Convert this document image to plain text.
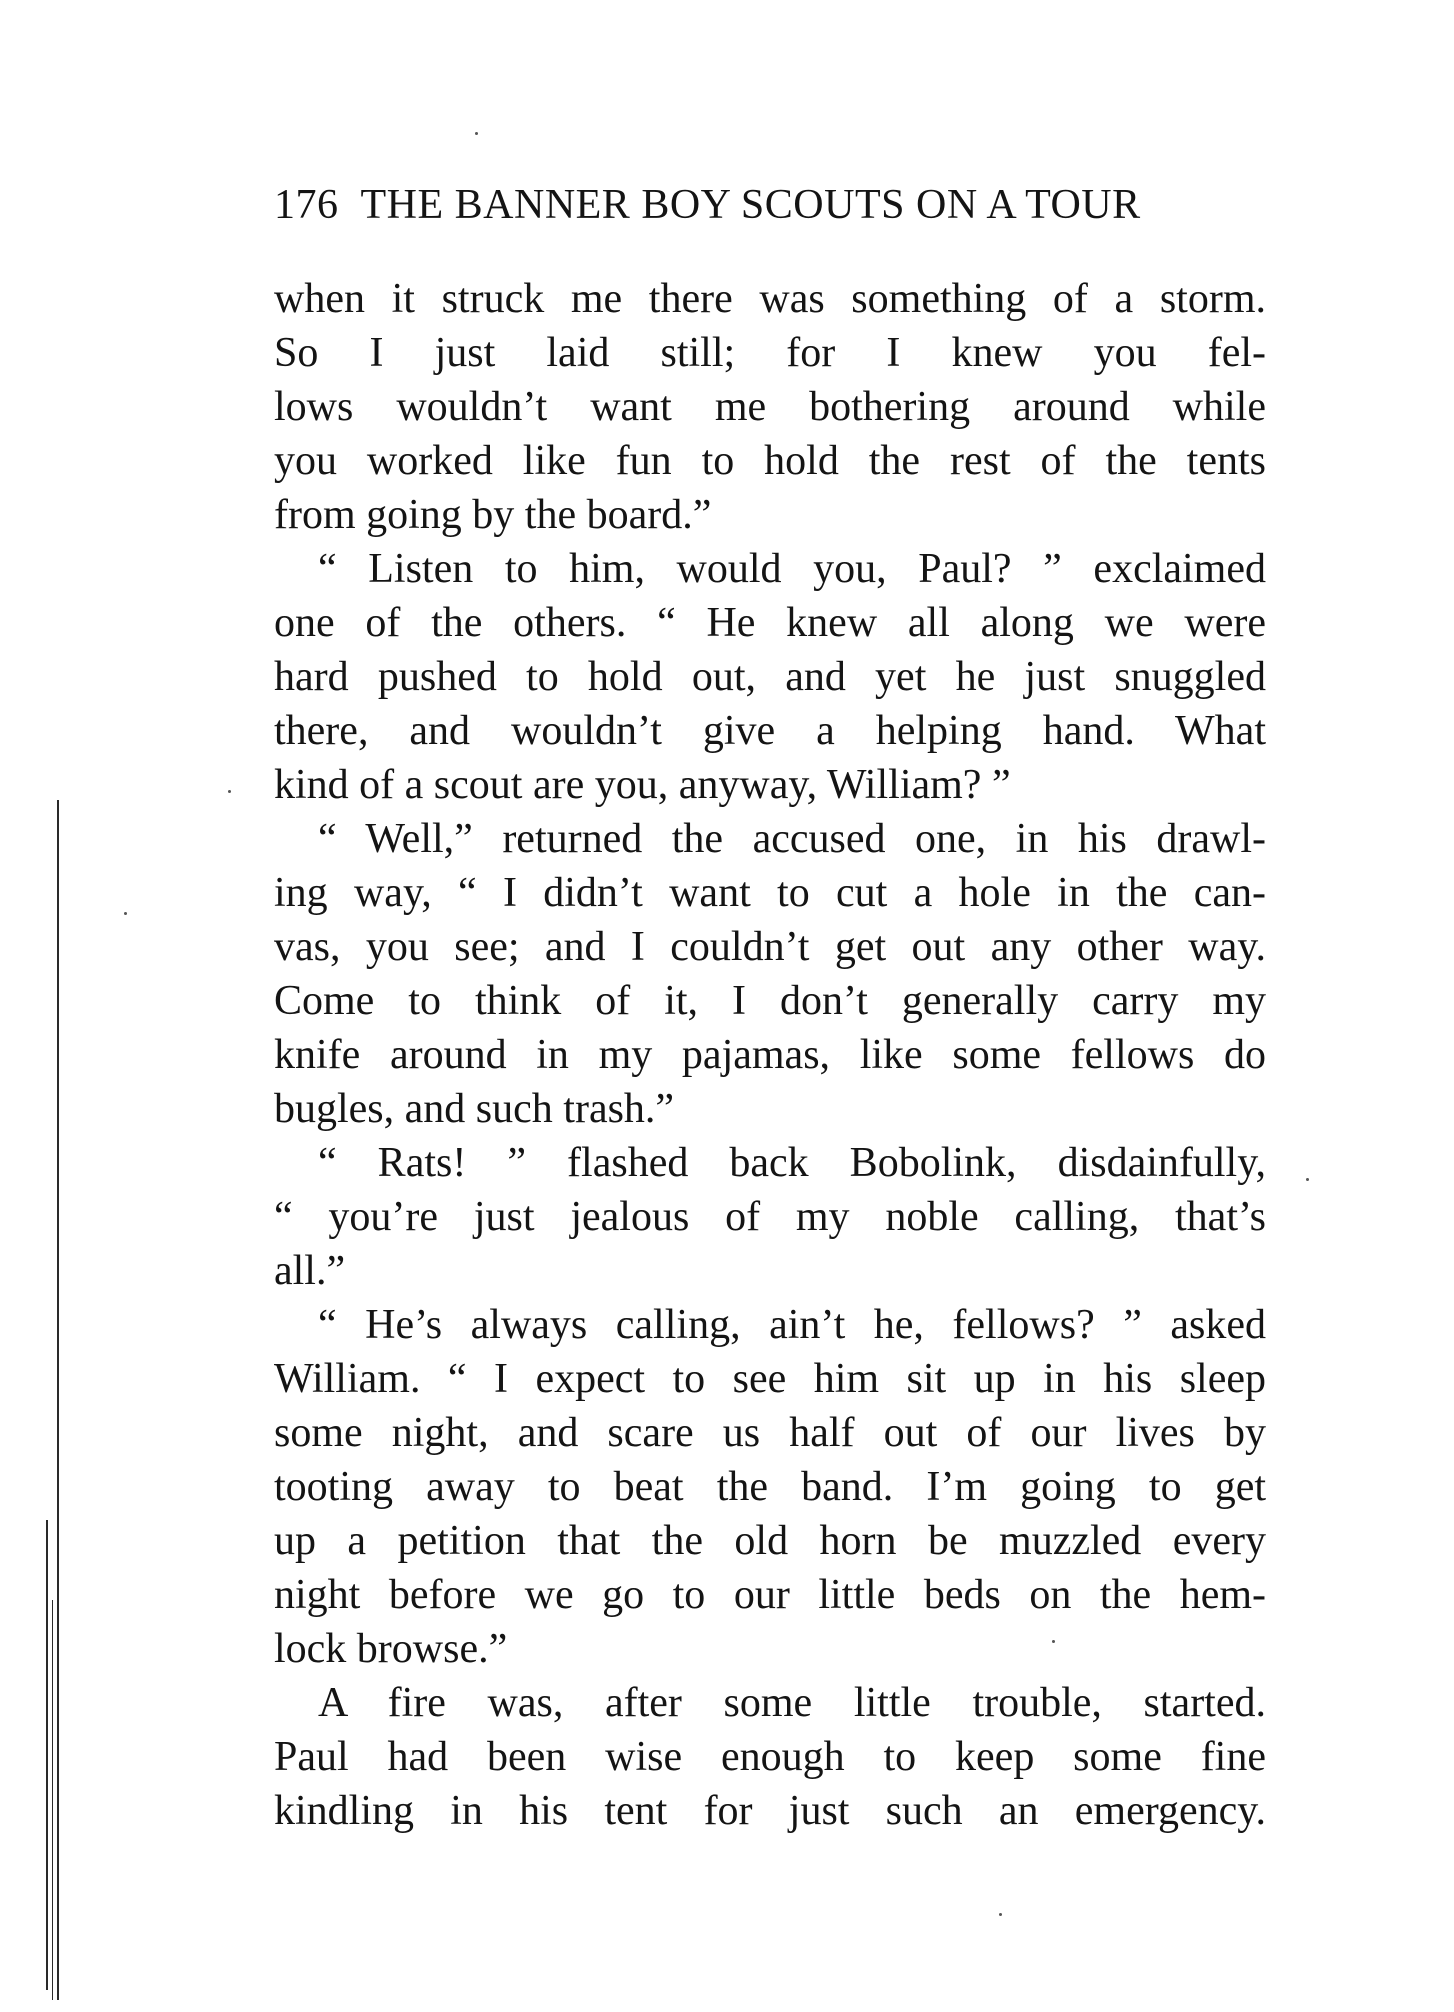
176 THE BANNER BOY SCOUTS ON A TOUR
when it struck me there was something of a storm.
So I just laid still; for I knew you fel-
lows wouldn’t want me bothering around while
you worked like fun to hold the rest of the tents
from going by the board.”
“ Listen to him, would you, Paul? ” exclaimed
one of the others. “ He knew all along we were
hard pushed to hold out, and yet he just snuggled
there, and wouldn’t give a helping hand. What
kind of a scout are you, anyway, William? ”
“ Well,” returned the accused one, in his drawl-
ing way, “ I didn’t want to cut a hole in the can-
vas, you see; and I couldn’t get out any other way.
Come to think of it, I don’t generally carry my
knife around in my pajamas, like some fellows do
bugles, and such trash.”
“ Rats! ” flashed back Bobolink, disdainfully,
“ you’re just jealous of my noble calling, that’s
all.”
“ He’s always calling, ain’t he, fellows? ” asked
William. “ I expect to see him sit up in his sleep
some night, and scare us half out of our lives by
tooting away to beat the band. I’m going to get
up a petition that the old horn be muzzled every
night before we go to our little beds on the hem-
lock browse.”
A fire was, after some little trouble, started.
Paul had been wise enough to keep some fine
kindling in his tent for just such an emergency.
